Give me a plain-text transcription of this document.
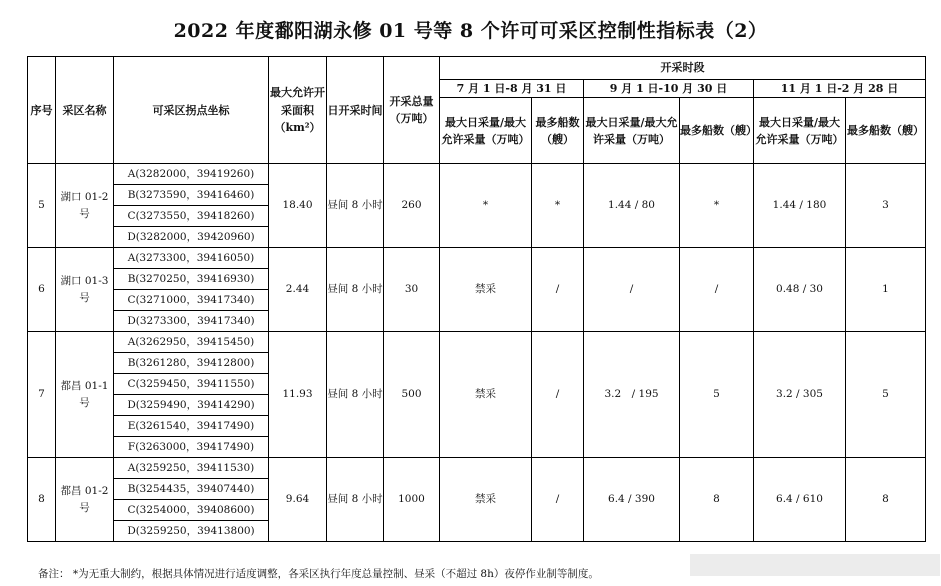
2022 年度鄱阳湖永修 01 号等 8 个许可可采区控制性指标表（2）
序号	采区名称	可采区拐点坐标	最大允许开采面积（km²）	日开采时间	开采总量（万吨）	开采时段					
						7 月 1 日-8 月 31 日		9 月 1 日-10 月 30 日		11 月 1 日-2 月 28 日	
						最大日采量/最大允许采量（万吨）	最多船数（艘）	最大日采量/最大允许采量（万吨）	最多船数（艘）	最大日采量/最大允许采量（万吨）	最多船数（艘）
5	湖口 01-2 号	A(3282000，39419260)	18.40	昼间 8 小时	260	*	*	1.44 / 80	*	1.44 / 180	3
		B(3273590，39416460)									
		C(3273550，39418260)									
		D(3282000，39420960)									
6	湖口 01-3 号	A(3273300，39416050)	2.44	昼间 8 小时	30	禁采	/	/	/	0.48 / 30	1
		B(3270250，39416930)									
		C(3271000，39417340)									
		D(3273300，39417340)									
7	都昌 01-1 号	A(3262950，39415450)	11.93	昼间 8 小时	500	禁采	/	3.2　/ 195	5	3.2 / 305	5
		B(3261280，39412800)									
		C(3259450，39411550)									
		D(3259490，39414290)									
		E(3261540，39417490)									
		F(3263000，39417490)									
8	都昌 01-2 号	A(3259250，39411530)	9.64	昼间 8 小时	1000	禁采	/	6.4 / 390	8	6.4 / 610	8
		B(3254435，39407440)									
		C(3254000，39408600)									
		D(3259250，39413800)									
备注： *为无重大制约，根据具体情况进行适度调整，各采区执行年度总量控制、昼采（不超过 8h）夜停作业制等制度。
